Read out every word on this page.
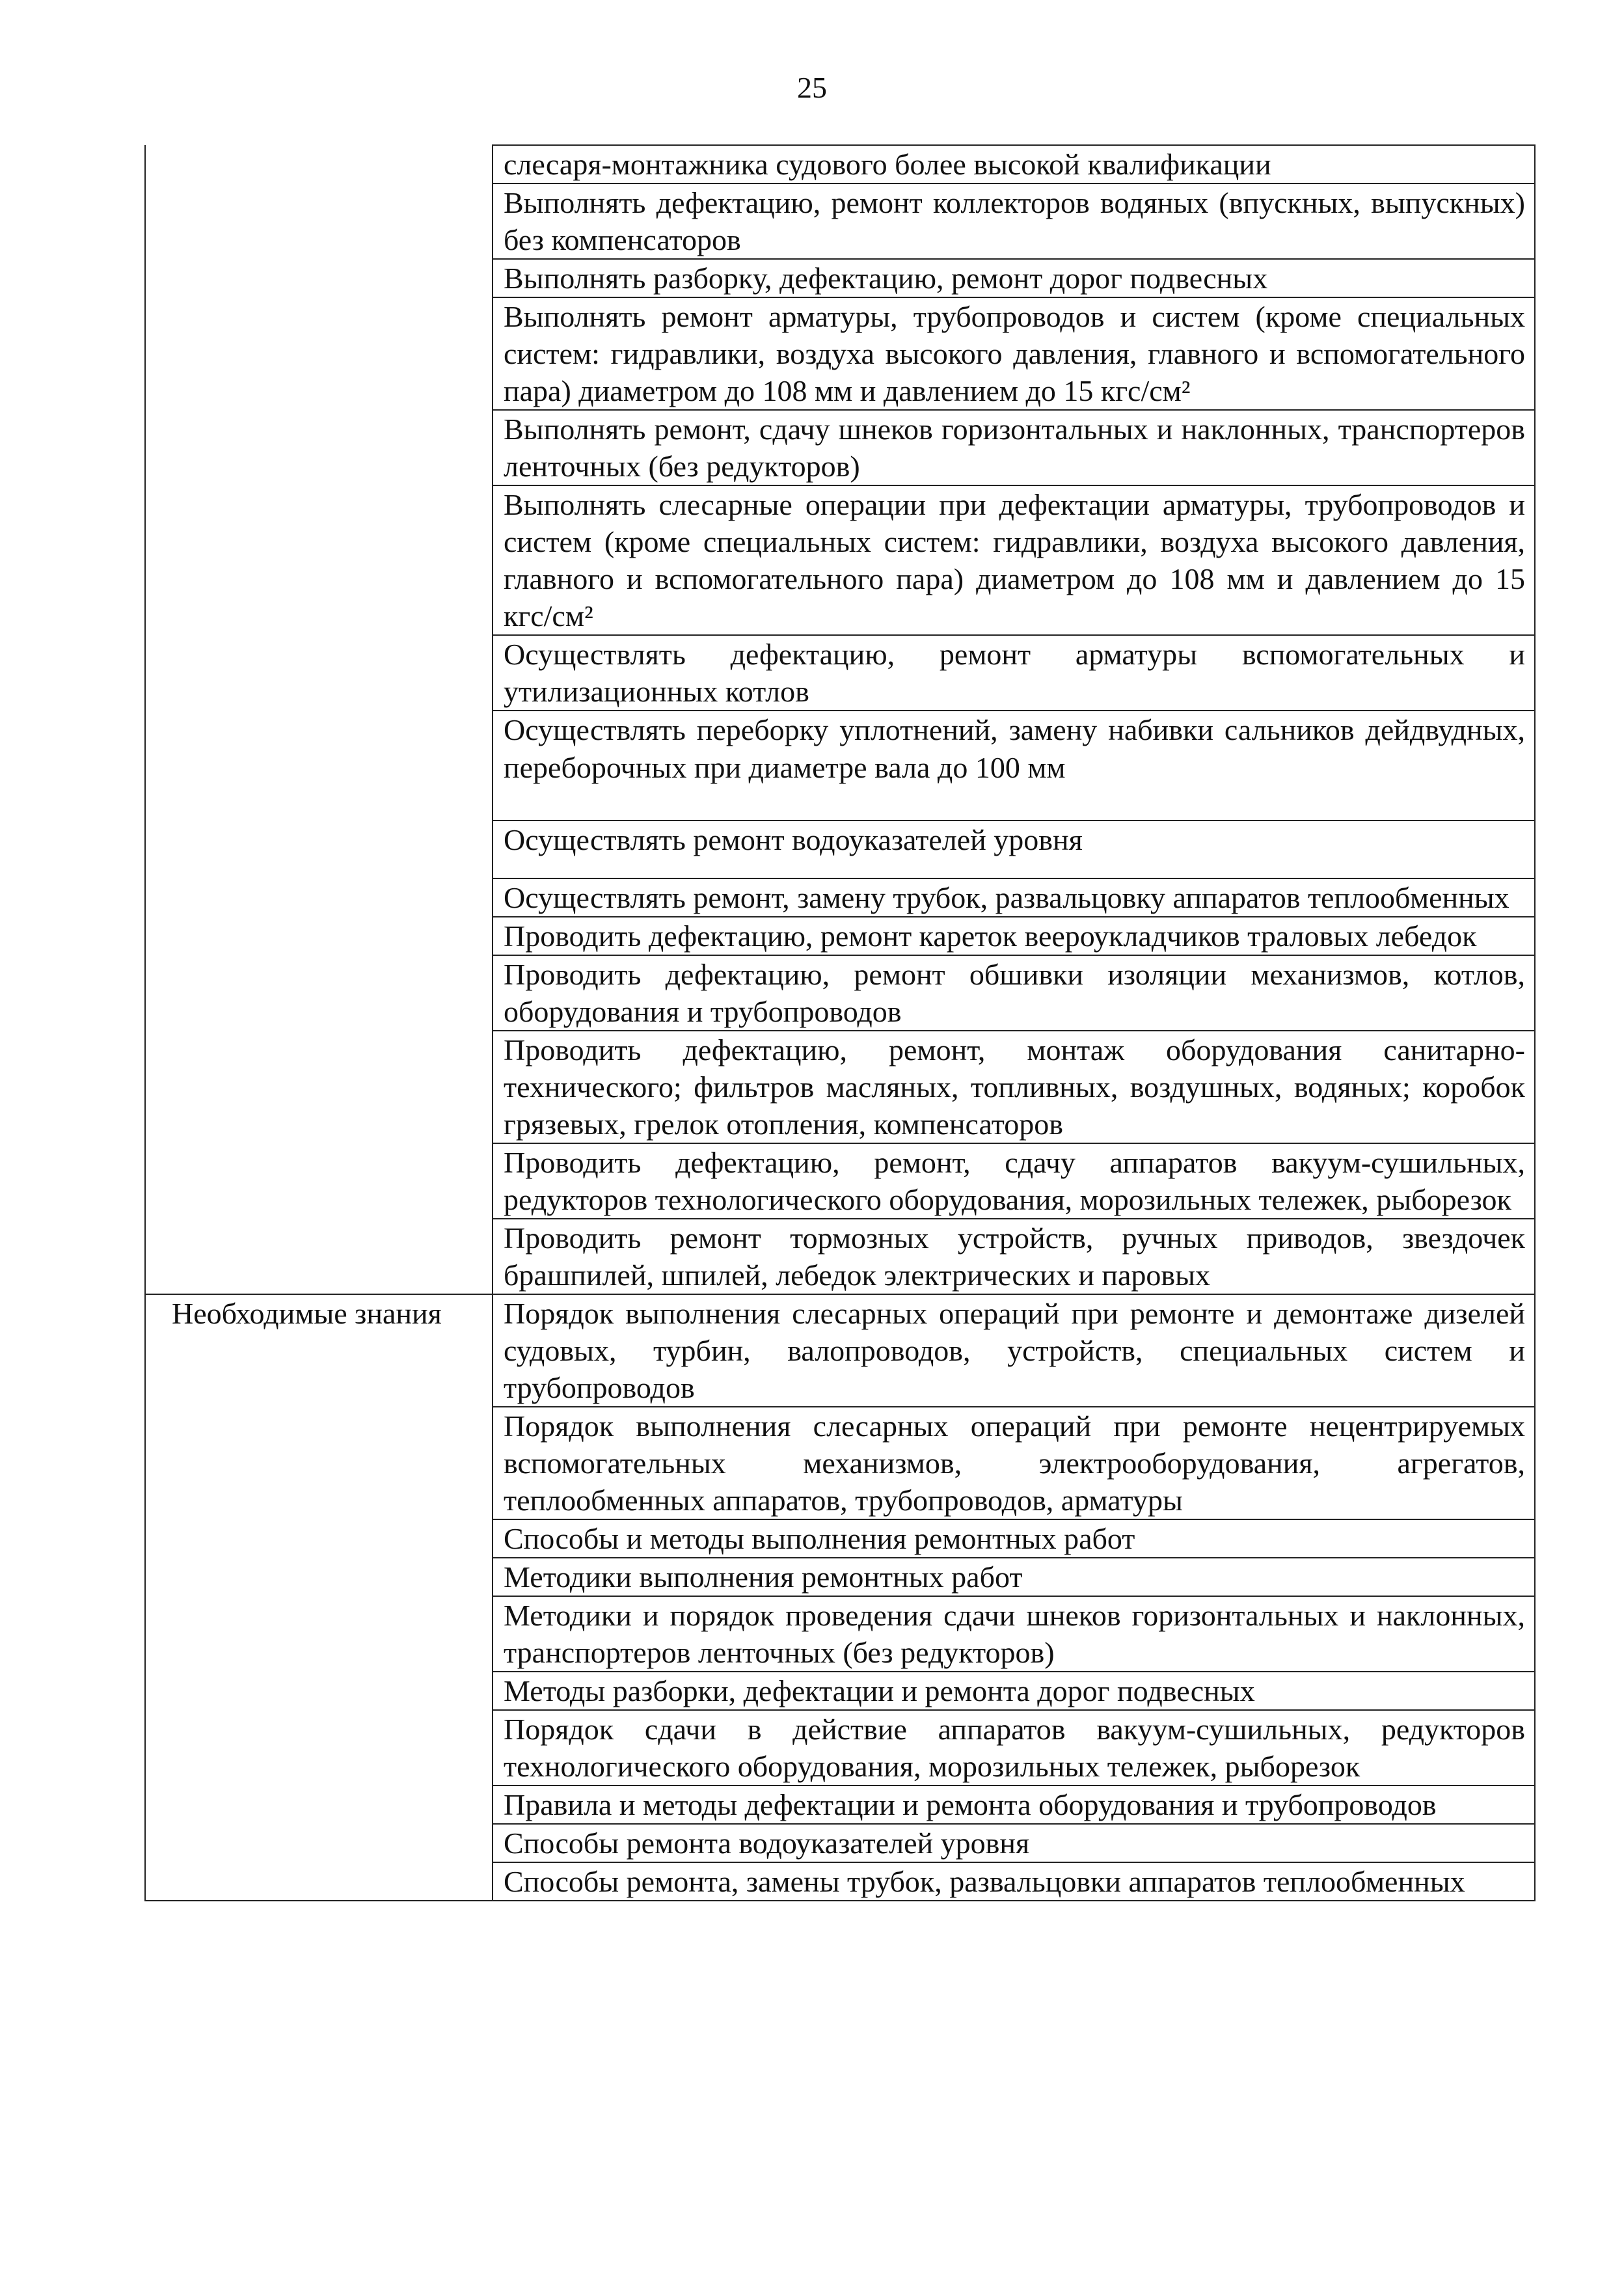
25
	слесаря-монтажника судового более высокой квалификации
	Выполнять дефектацию, ремонт коллекторов водяных (впускных, выпускных) без компенсаторов
	Выполнять разборку, дефектацию, ремонт дорог подвесных
	Выполнять ремонт арматуры, трубопроводов и систем (кроме специальных систем: гидравлики, воздуха высокого давления, главного и вспомогательного пара) диаметром до 108 мм и давлением до 15 кгс/см²
	Выполнять ремонт, сдачу шнеков горизонтальных и наклонных, транспортеров ленточных (без редукторов)
	Выполнять слесарные операции при дефектации арматуры, трубопроводов и систем (кроме специальных систем: гидравлики, воздуха высокого давления, главного и вспомогательного пара) диаметром до 108 мм и давлением до 15 кгс/см²
	Осуществлять дефектацию, ремонт арматуры вспомогательных и утилизационных котлов
	Осуществлять переборку уплотнений, замену набивки сальников дейдвудных, переборочных при диаметре вала до 100 мм
	Осуществлять ремонт водоуказателей уровня
	Осуществлять ремонт, замену трубок, развальцовку аппаратов теплообменных
	Проводить дефектацию, ремонт кареток веероукладчиков траловых лебедок
	Проводить дефектацию, ремонт обшивки изоляции механизмов, котлов, оборудования и трубопроводов
	Проводить дефектацию, ремонт, монтаж оборудования санитарно-технического; фильтров масляных, топливных, воздушных, водяных; коробок грязевых, грелок отопления, компенсаторов
	Проводить дефектацию, ремонт, сдачу аппаратов вакуум-сушильных, редукторов технологического оборудования, морозильных тележек, рыборезок
	Проводить ремонт тормозных устройств, ручных приводов, звездочек брашпилей, шпилей, лебедок электрических и паровых
Необходимые знания	Порядок выполнения слесарных операций при ремонте и демонтаже дизелей судовых, турбин, валопроводов, устройств, специальных систем и трубопроводов
	Порядок выполнения слесарных операций при ремонте нецентрируемых вспомогательных механизмов, электрооборудования, агрегатов, теплообменных аппаратов, трубопроводов, арматуры
	Способы и методы выполнения ремонтных работ
	Методики выполнения ремонтных работ
	Методики и порядок проведения сдачи шнеков горизонтальных и наклонных, транспортеров ленточных (без редукторов)
	Методы разборки, дефектации и ремонта дорог подвесных
	Порядок сдачи в действие аппаратов вакуум-сушильных, редукторов технологического оборудования, морозильных тележек, рыборезок
	Правила и методы дефектации и ремонта оборудования и трубопроводов
	Способы ремонта водоуказателей уровня
	Способы ремонта, замены трубок, развальцовки аппаратов теплообменных
